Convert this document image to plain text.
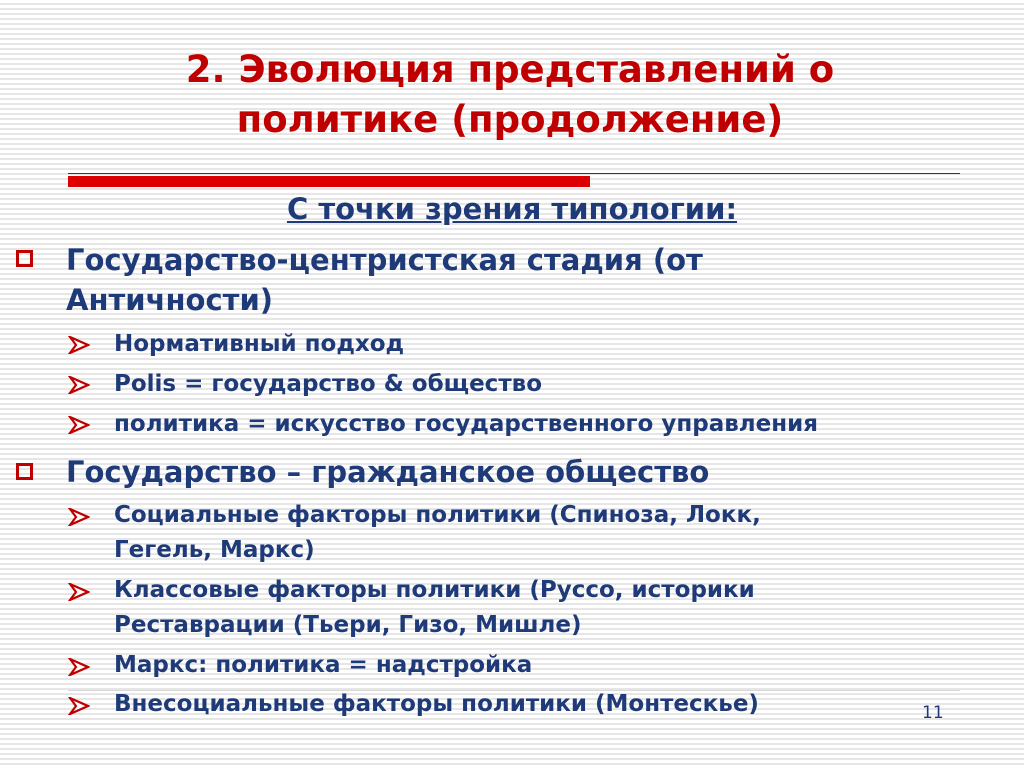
2. Эволюция представлений о
политике (продолжение)
С точки зрения типологии:
Государство-центристская стадия (от
Античности)
Нормативный подход
Polis = государство & общество
политика = искусство государственного управления
Государство – гражданское общество
Социальные факторы политики (Спиноза, Локк,
Гегель, Маркс)
Классовые факторы политики (Руссо, историки
Реставрации (Тьери, Гизо, Мишле)
Маркс: политика = надстройка
Внесоциальные факторы политики (Монтескье)	11
